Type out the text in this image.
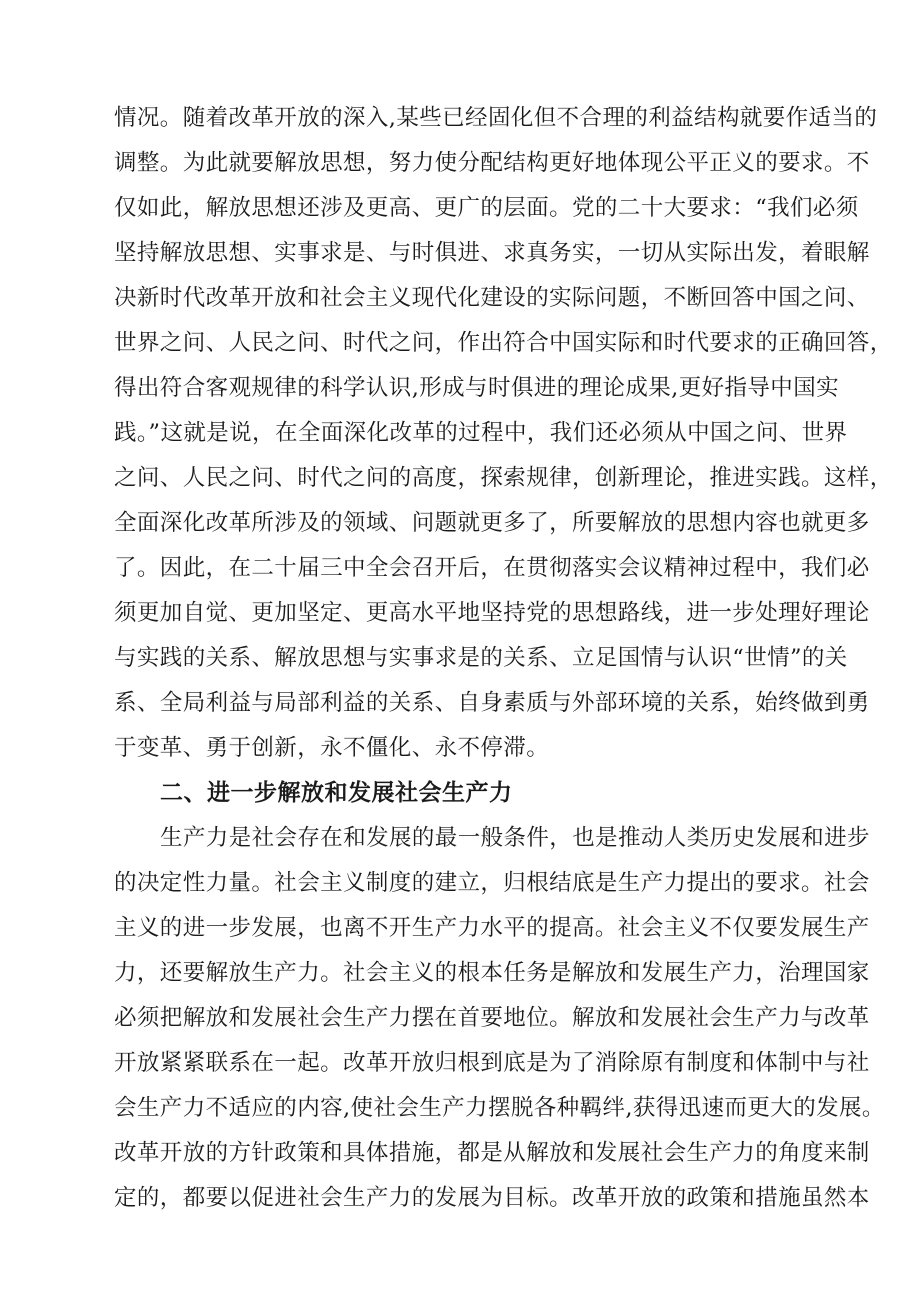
情况。随着改革开放的深入,某些已经固化但不合理的利益结构就要作适当的
调整。为此就要解放思想，努力使分配结构更好地体现公平正义的要求。不
仅如此，解放思想还涉及更高、更广的层面。党的二十大要求：“我们必须
坚持解放思想、实事求是、与时俱进、求真务实，一切从实际出发，着眼解
决新时代改革开放和社会主义现代化建设的实际问题，不断回答中国之问、
世界之问、人民之问、时代之问，作出符合中国实际和时代要求的正确回答，
得出符合客观规律的科学认识,形成与时俱进的理论成果,更好指导中国实
践。”这就是说，在全面深化改革的过程中，我们还必须从中国之问、世界
之问、人民之问、时代之问的高度，探索规律，创新理论，推进实践。这样，
全面深化改革所涉及的领域、问题就更多了，所要解放的思想内容也就更多
了。因此，在二十届三中全会召开后，在贯彻落实会议精神过程中，我们必
须更加自觉、更加坚定、更高水平地坚持党的思想路线，进一步处理好理论
与实践的关系、解放思想与实事求是的关系、立足国情与认识“世情”的关
系、全局利益与局部利益的关系、自身素质与外部环境的关系，始终做到勇
于变革、勇于创新，永不僵化、永不停滞。
二、进一步解放和发展社会生产力
生产力是社会存在和发展的最一般条件，也是推动人类历史发展和进步
的决定性力量。社会主义制度的建立，归根结底是生产力提出的要求。社会
主义的进一步发展，也离不开生产力水平的提高。社会主义不仅要发展生产
力，还要解放生产力。社会主义的根本任务是解放和发展生产力，治理国家
必须把解放和发展社会生产力摆在首要地位。解放和发展社会生产力与改革
开放紧紧联系在一起。改革开放归根到底是为了消除原有制度和体制中与社
会生产力不适应的内容,使社会生产力摆脱各种羁绊,获得迅速而更大的发展。
改革开放的方针政策和具体措施，都是从解放和发展社会生产力的角度来制
定的，都要以促进社会生产力的发展为目标。改革开放的政策和措施虽然本
